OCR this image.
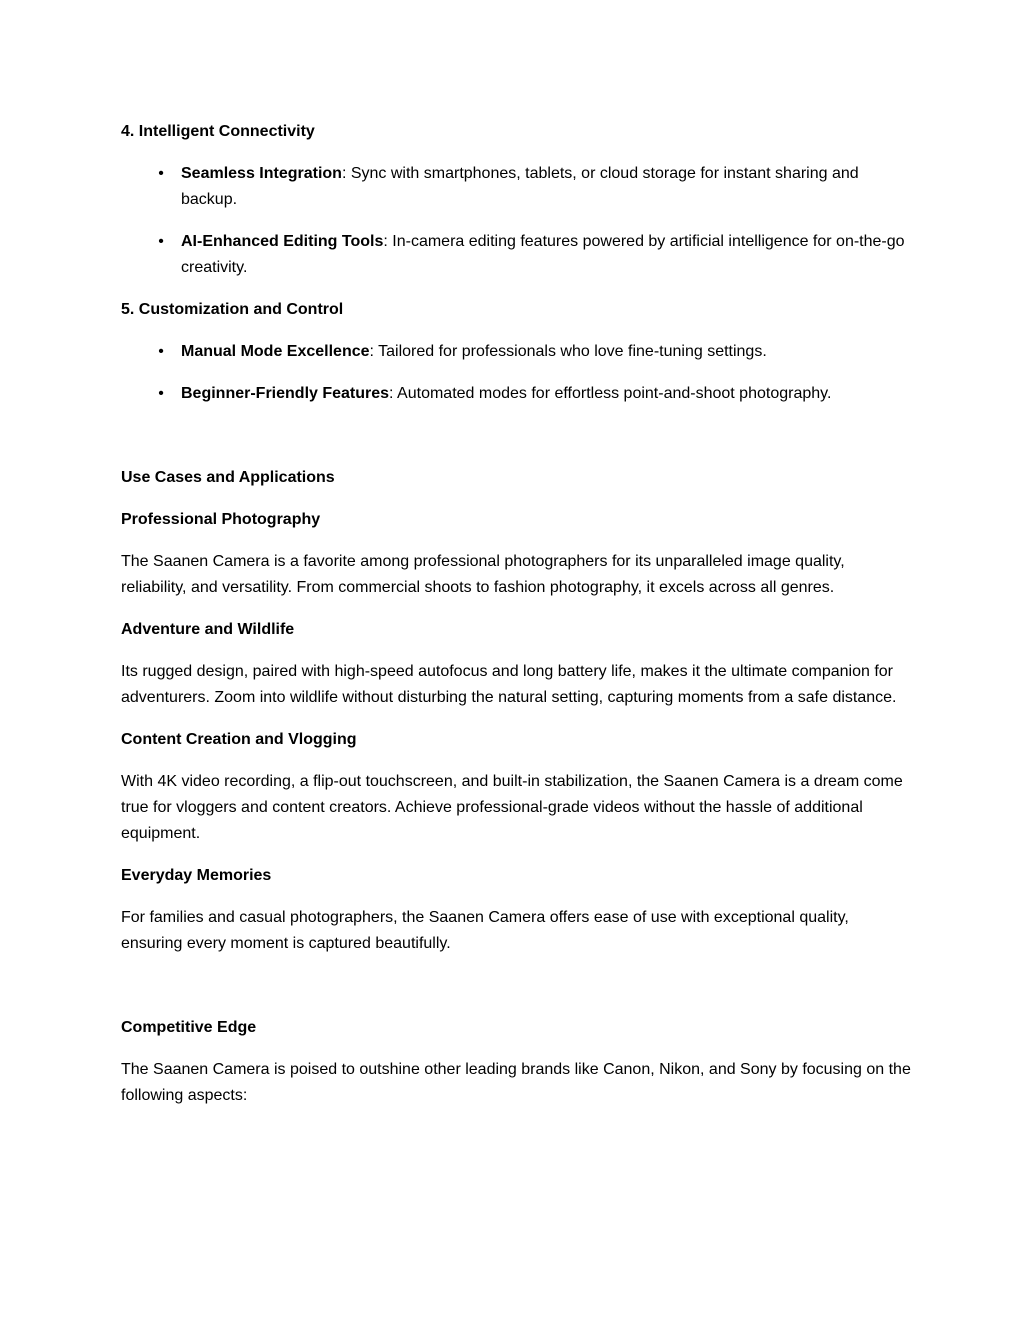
4. Intelligent Connectivity
•	Seamless Integration: Sync with smartphones, tablets, or cloud storage for instant sharing and backup.
•	AI-Enhanced Editing Tools: In-camera editing features powered by artificial intelligence for on-the-go creativity.
5. Customization and Control
•	Manual Mode Excellence: Tailored for professionals who love fine-tuning settings.
•	Beginner-Friendly Features: Automated modes for effortless point-and-shoot photography.
Use Cases and Applications
Professional Photography
The Saanen Camera is a favorite among professional photographers for its unparalleled image quality, reliability, and versatility. From commercial shoots to fashion photography, it excels across all genres.
Adventure and Wildlife
Its rugged design, paired with high-speed autofocus and long battery life, makes it the ultimate companion for adventurers. Zoom into wildlife without disturbing the natural setting, capturing moments from a safe distance.
Content Creation and Vlogging
With 4K video recording, a flip-out touchscreen, and built-in stabilization, the Saanen Camera is a dream come true for vloggers and content creators. Achieve professional-grade videos without the hassle of additional equipment.
Everyday Memories
For families and casual photographers, the Saanen Camera offers ease of use with exceptional quality, ensuring every moment is captured beautifully.
Competitive Edge
The Saanen Camera is poised to outshine other leading brands like Canon, Nikon, and Sony by focusing on the following aspects:
